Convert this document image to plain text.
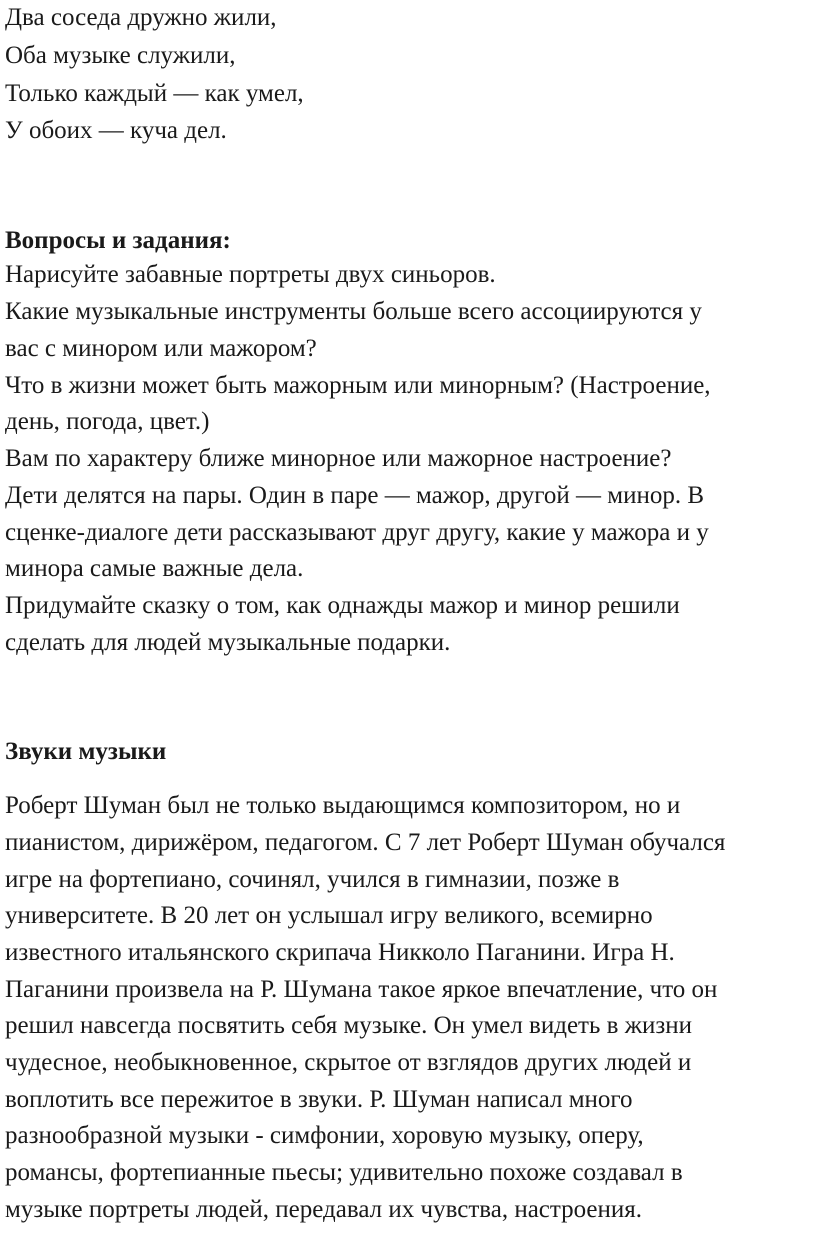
Два соседа дружно жили,
Оба музыке служили,
Только каждый — как умел,
У обоих — куча дел.
Вопросы и задания:
Нарисуйте забавные портреты двух синьоров.
Какие музыкальные инструменты больше всего ассоциируются у
вас с минором или мажором?
Что в жизни может быть мажорным или минорным? (Настроение,
день, погода, цвет.)
Вам по характеру ближе минорное или мажорное настроение?
Дети делятся на пары. Один в паре — мажор, другой — минор. В
сценке-диалоге дети рассказывают друг другу, какие у мажора и у
минора самые важные дела.
Придумайте сказку о том, как однажды мажор и минор решили
сделать для людей музыкальные подарки.
Звуки музыки
Роберт Шуман был не только выдающимся композитором, но и
пианистом, дирижёром, педагогом. С 7 лет Роберт Шуман обучался
игре на фортепиано, сочинял, учился в гимназии, позже в
университете. В 20 лет он услышал игру великого, всемирно
известного итальянского скрипача Никколо Паганини. Игра Н.
Паганини произвела на Р. Шумана такое яркое впечатление, что он
решил навсегда посвятить себя музыке. Он умел видеть в жизни
чудесное, необыкновенное, скрытое от взглядов других людей и
воплотить все пережитое в звуки. Р. Шуман написал много
разнообразной музыки - симфонии, хоровую музыку, оперу,
романсы, фортепианные пьесы; удивительно похоже создавал в
музыке портреты людей, передавал их чувства, настроения.
